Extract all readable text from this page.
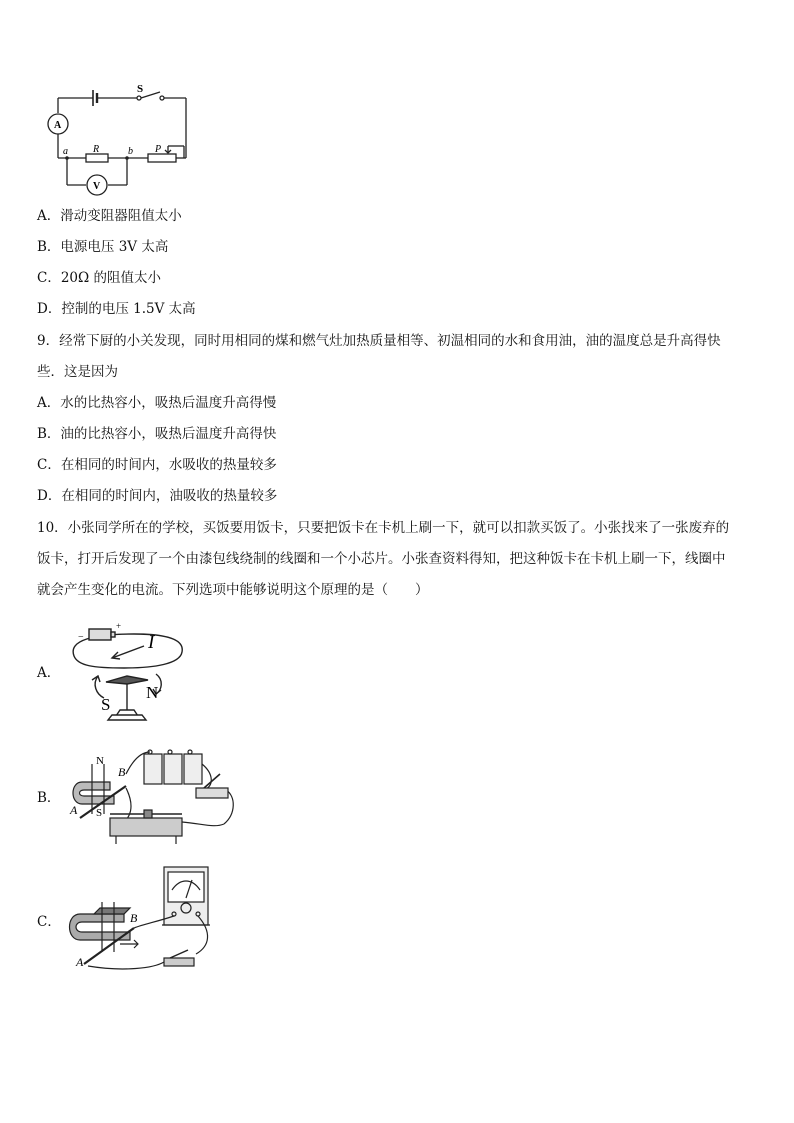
S
A
V
R
a	b P
A．滑动变阻器阻值太小
B．电源电压 3V 太高
C．20Ω 的阻值太小
D．控制的电压 1.5V 太高
9．经常下厨的小关发现，同时用相同的煤和燃气灶加热质量相等、初温相同的水和食用油，油的温度总是升高得快
些．这是因为
A．水的比热容小，吸热后温度升高得慢
B．油的比热容小，吸热后温度升高得快
C．在相同的时间内，水吸收的热量较多
D．在相同的时间内，油吸收的热量较多
10．小张同学所在的学校，买饭要用饭卡，只要把饭卡在卡机上刷一下，就可以扣款买饭了。小张找来了一张废弃的
饭卡，打开后发现了一个由漆包线绕制的线圈和一个小芯片。小张查资料得知，把这种饭卡在卡机上刷一下，线圈中
就会产生变化的电流。下列选项中能够说明这个原理的是（　　）
A．
−
+
I
S
N
B．
N
S
A
B
C．
A
B
